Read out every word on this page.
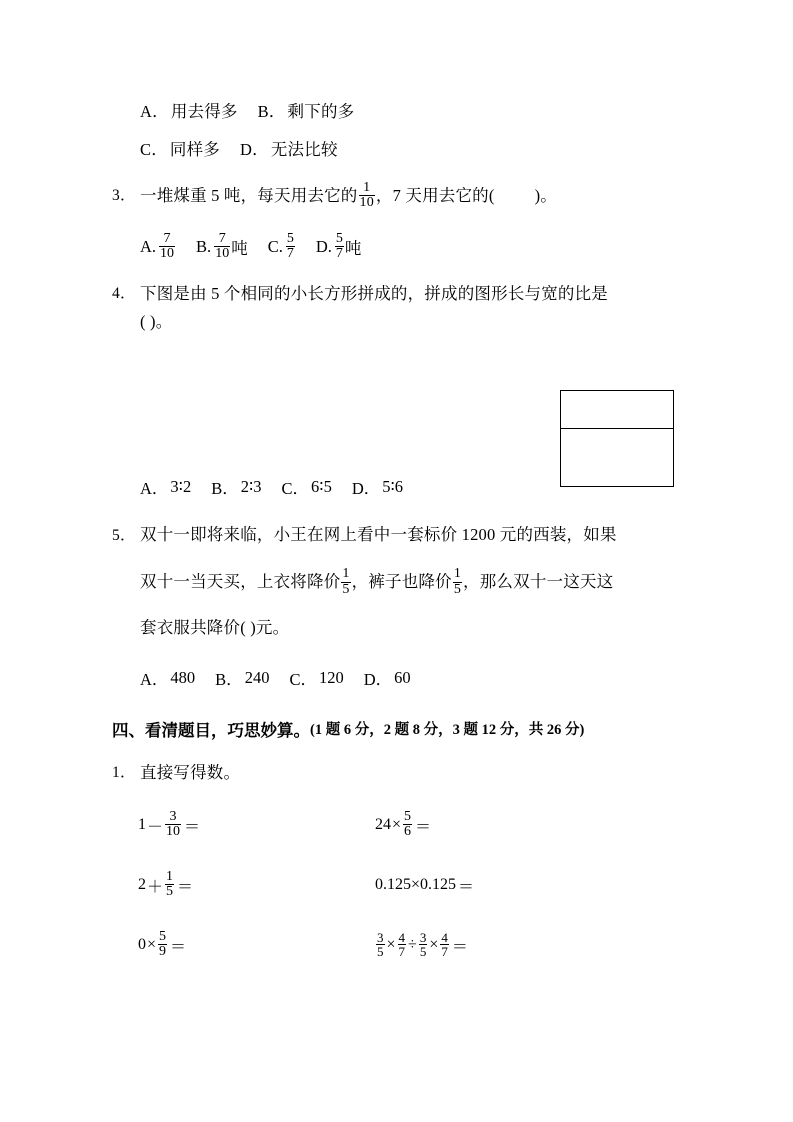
A． 用去得多 B． 剩下的多
C． 同样多 D． 无法比较
3． 一堆煤重 5 吨，每天用去它的 $\frac{1}{10}$ ，7 天用去它的( )。
A. $\frac{7}{10} B$. $\frac{7}{10}$ 吨 C. $\frac{5}{7} D$. $\frac{5}{7}$ 吨
4． 下图是由 5 个相同的小长方形拼成的，拼成的图形长与宽的比是
( )。
A． 3∶2 B． 2∶3 C． 6∶5 D． 5∶6
5． 双十一即将来临，小王在网上看中一套标价 1200 元的西装，如果
双十一当天买，上衣将降价 $\frac{1}{5}$ ，裤子也降价 $\frac{1}{5}$ ，那么双十一这天这
套衣服共降价( )元。
A． 480 B． 240 C． 120 D． 60
四、看清题目，巧思妙算。 (1 题 6 分，2 题 8 分，3 题 12 分，共 26 分)
1． 直接写得数。
$1 - \frac{3}{10}$ ＝	$24 \times \frac{5}{6}$ ＝
$2 + \frac{1}{5}$ ＝	0.125×0.125 ＝
$0 \times \frac{5}{9}$ ＝	$\frac{3}{5} \times \frac{4}{7} \div \frac{3}{5} \times \frac{4}{7}$ ＝
